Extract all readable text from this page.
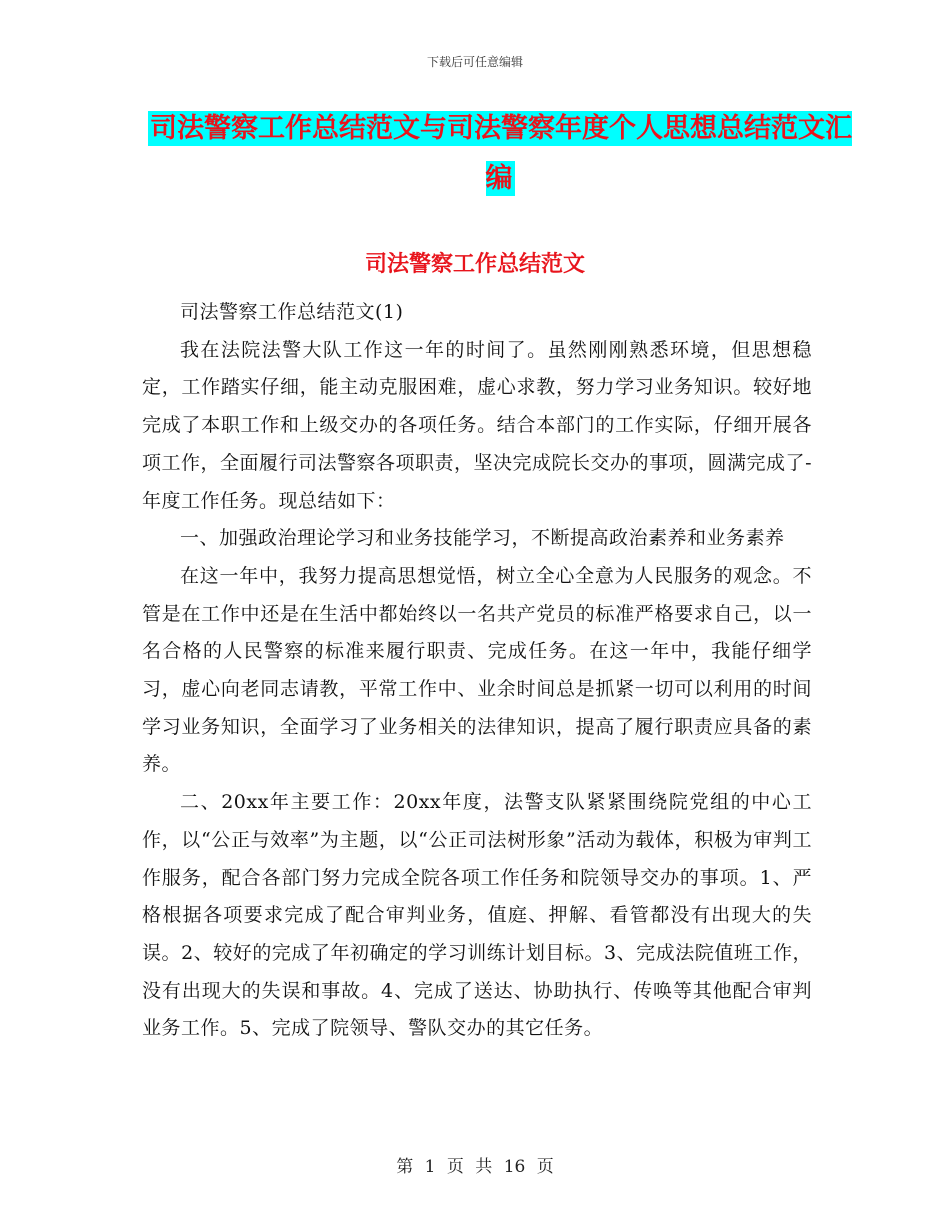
下载后可任意编辑
司法警察工作总结范文与司法警察年度个人思想总结范文汇编
司法警察工作总结范文

司法警察工作总结范文(1)

我在法院法警大队工作这一年的时间了。虽然刚刚熟悉环境，但思想稳定，工作踏实仔细，能主动克服困难，虚心求教，努力学习业务知识。较好地完成了本职工作和上级交办的各项任务。结合本部门的工作实际，仔细开展各项工作，全面履行司法警察各项职责，坚决完成院长交办的事项，圆满完成了-年度工作任务。现总结如下：

一、加强政治理论学习和业务技能学习，不断提高政治素养和业务素养

在这一年中，我努力提高思想觉悟，树立全心全意为人民服务的观念。不管是在工作中还是在生活中都始终以一名共产党员的标准严格要求自己，以一名合格的人民警察的标准来履行职责、完成任务。在这一年中，我能仔细学习，虚心向老同志请教，平常工作中、业余时间总是抓紧一切可以利用的时间学习业务知识，全面学习了业务相关的法律知识，提高了履行职责应具备的素养。

二、20xx年主要工作：20xx年度，法警支队紧紧围绕院党组的中心工作，以“公正与效率”为主题，以“公正司法树形象”活动为载体，积极为审判工作服务，配合各部门努力完成全院各项工作任务和院领导交办的事项。1、严格根据各项要求完成了配合审判业务，值庭、押解、看管都没有出现大的失误。2、较好的完成了年初确定的学习训练计划目标。3、完成法院值班工作，没有出现大的失误和事故。4、完成了送达、协助执行、传唤等其他配合审判业务工作。5、完成了院领导、警队交办的其它任务。

第 1 页 共 16 页
